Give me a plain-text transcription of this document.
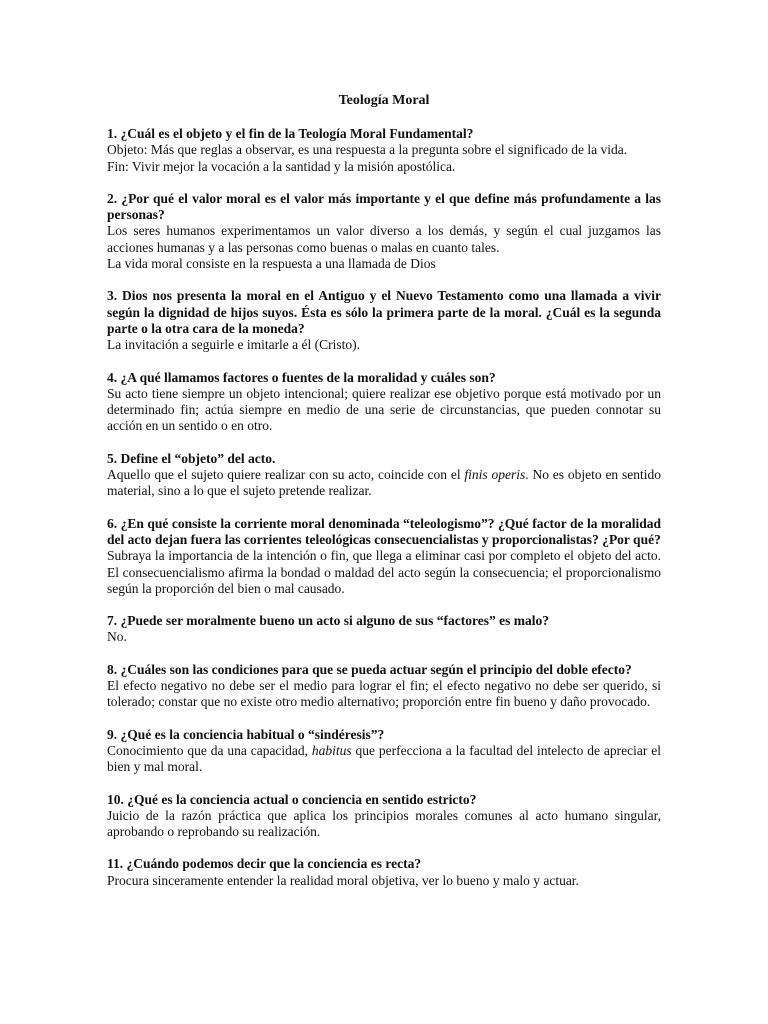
Teología Moral

1. ¿Cuál es el objeto y el fin de la Teología Moral Fundamental?

Objeto: Más que reglas a observar, es una respuesta a la pregunta sobre el significado de la vida.

Fin: Vivir mejor la vocación a la santidad y la misión apostólica.

2. ¿Por qué el valor moral es el valor más importante y el que define más profundamente a las personas?

Los seres humanos experimentamos un valor diverso a los demás, y según el cual juzgamos las acciones humanas y a las personas como buenas o malas en cuanto tales.

La vida moral consiste en la respuesta a una llamada de Dios

3. Dios nos presenta la moral en el Antiguo y el Nuevo Testamento como una llamada a vivir según la dignidad de hijos suyos. Ésta es sólo la primera parte de la moral. ¿Cuál es la segunda parte o la otra cara de la moneda?

La invitación a seguirle e imitarle a él (Cristo).

4. ¿A qué llamamos factores o fuentes de la moralidad y cuáles son?

Su acto tiene siempre un objeto intencional; quiere realizar ese objetivo porque está motivado por un determinado fin; actúa siempre en medio de una serie de circunstancias, que pueden connotar su acción en un sentido o en otro.

5. Define el “objeto” del acto.

Aquello que el sujeto quiere realizar con su acto, coincide con el finis operis. No es objeto en sentido material, sino a lo que el sujeto pretende realizar.

6. ¿En qué consiste la corriente moral denominada “teleologismo”? ¿Qué factor de la moralidad del acto dejan fuera las corrientes teleológicas consecuencialistas y proporcionalistas? ¿Por qué?

Subraya la importancia de la intención o fin, que llega a eliminar casi por completo el objeto del acto. El consecuencialismo afirma la bondad o maldad del acto según la consecuencia; el proporcionalismo según la proporción del bien o mal causado.

7. ¿Puede ser moralmente bueno un acto si alguno de sus “factores” es malo?

No.

8. ¿Cuáles son las condiciones para que se pueda actuar según el principio del doble efecto?

El efecto negativo no debe ser el medio para lograr el fin; el efecto negativo no debe ser querido, si tolerado; constar que no existe otro medio alternativo; proporción entre fin bueno y daño provocado.

9. ¿Qué es la conciencia habitual o “sindéresis”?

Conocimiento que da una capacidad, habitus que perfecciona a la facultad del intelecto de apreciar el bien y mal moral.

10. ¿Qué es la conciencia actual o conciencia en sentido estricto?

Juicio de la razón práctica que aplica los principios morales comunes al acto humano singular, aprobando o reprobando su realización.

11. ¿Cuándo podemos decir que la conciencia es recta?

Procura sinceramente entender la realidad moral objetiva, ver lo bueno y malo y actuar.
